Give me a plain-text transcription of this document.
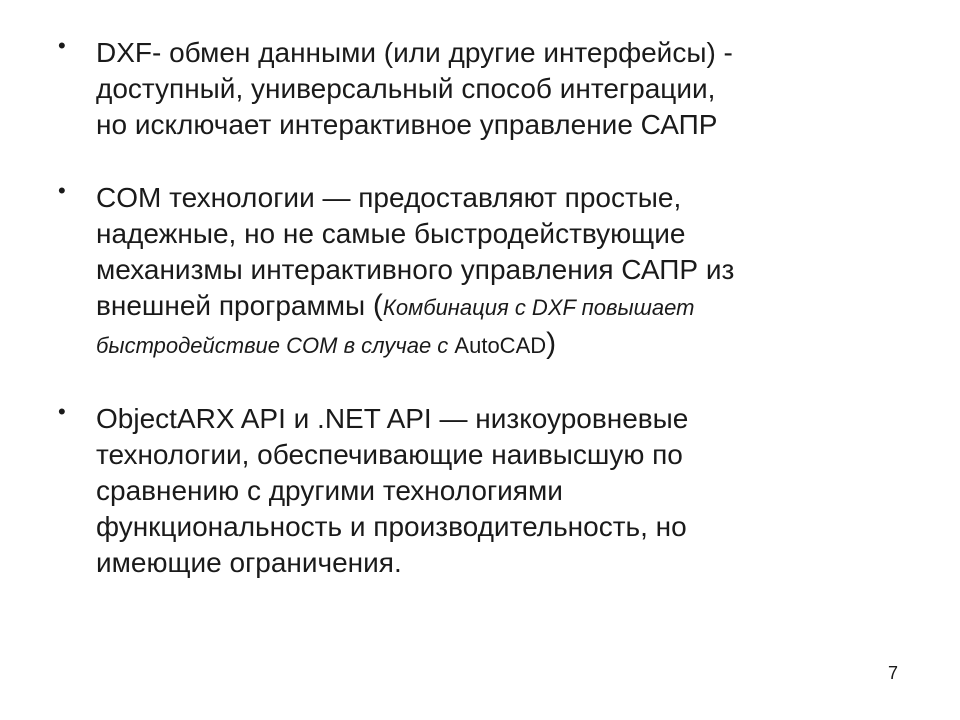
• DXF- обмен данными (или другие интерфейсы) -
доступный, универсальный способ интеграции,
но исключает интерактивное управление САПР
• COM технологии — предоставляют простые,
надежные, но не самые быстродействующие
механизмы интерактивного управления САПР из
внешней программы (Комбинация с DXF повышает
быстродействие COM в случае с AutoCAD)
• ObjectARX API и .NET API — низкоуровневые
технологии, обеспечивающие наивысшую по
сравнению с другими технологиями
функциональность и производительность, но
имеющие ограничения.
7
